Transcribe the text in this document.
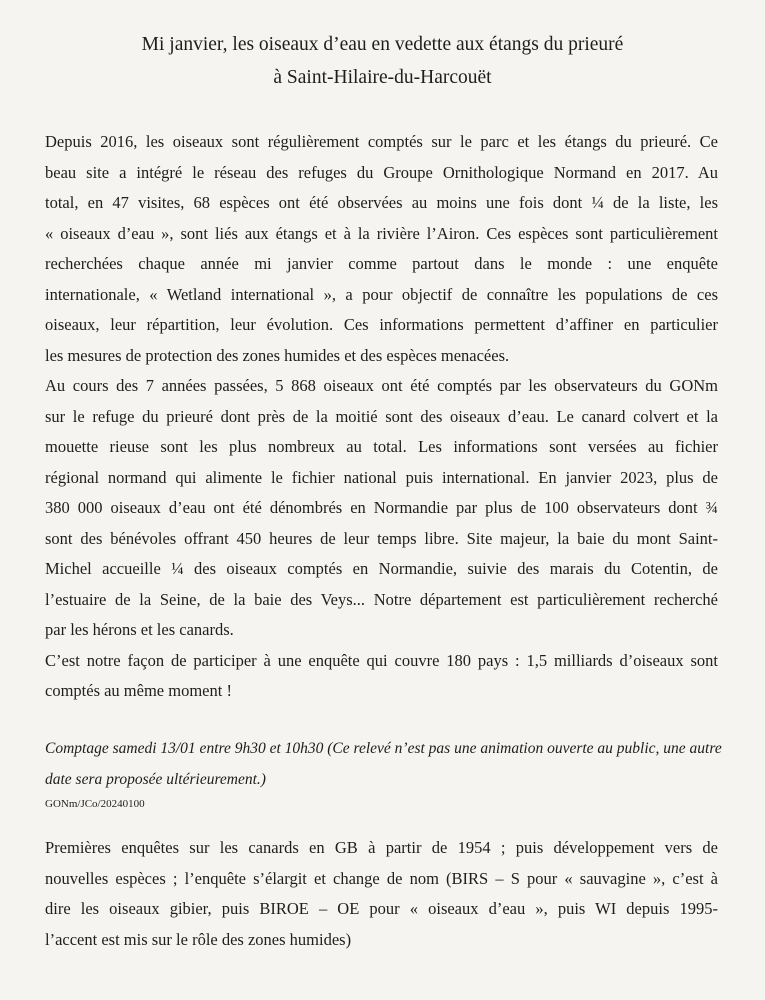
Mi janvier, les oiseaux d’eau en vedette aux étangs du prieuré
à Saint-Hilaire-du-Harcouët
Depuis 2016, les oiseaux sont régulièrement comptés sur le parc et les étangs du prieuré. Ce
beau site a intégré le réseau des refuges du Groupe Ornithologique Normand en 2017. Au
total, en 47 visites, 68 espèces ont été observées au moins une fois dont ¼ de la liste, les
« oiseaux d’eau », sont liés aux étangs et à la rivière l’Airon. Ces espèces sont particulièrement
recherchées chaque année mi janvier comme partout dans le monde : une enquête
internationale, « Wetland international », a pour objectif de connaître les populations de ces
oiseaux, leur répartition, leur évolution. Ces informations permettent d’affiner en particulier
les mesures de protection des zones humides et des espèces menacées.
Au cours des 7 années passées, 5 868 oiseaux ont été comptés par les observateurs du GONm
sur le refuge du prieuré dont près de la moitié sont des oiseaux d’eau. Le canard colvert et la
mouette rieuse sont les plus nombreux au total. Les informations sont versées au fichier
régional normand qui alimente le fichier national puis international. En janvier 2023, plus de
380 000 oiseaux d’eau ont été dénombrés en Normandie par plus de 100 observateurs dont ¾
sont des bénévoles offrant 450 heures de leur temps libre. Site majeur, la baie du mont Saint-
Michel accueille ¼ des oiseaux comptés en Normandie, suivie des marais du Cotentin, de
l’estuaire de la Seine, de la baie des Veys... Notre département est particulièrement recherché
par les hérons et les canards.
C’est notre façon de participer à une enquête qui couvre 180 pays : 1,5 milliards d’oiseaux sont
comptés au même moment !
Comptage samedi 13/01 entre 9h30 et 10h30 (Ce relevé n’est pas une animation ouverte au public, une autre
date sera proposée ultérieurement.)
GONm/JCo/20240100
Premières enquêtes sur les canards en GB à partir de 1954 ; puis développement vers de
nouvelles espèces ; l’enquête s’élargit et change de nom (BIRS – S pour « sauvagine », c’est à
dire les oiseaux gibier, puis BIROE – OE pour « oiseaux d’eau », puis WI depuis 1995-
l’accent est mis sur le rôle des zones humides)
